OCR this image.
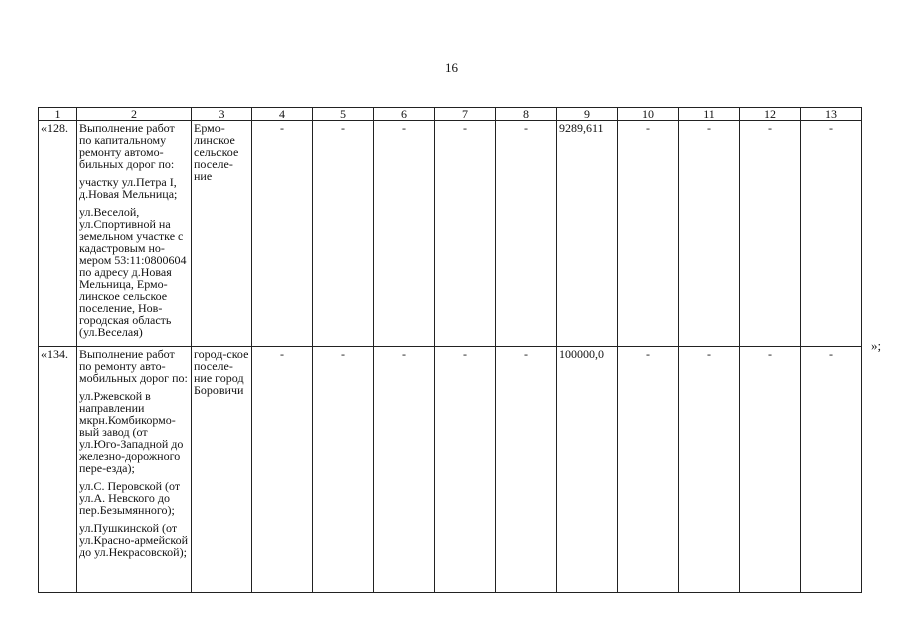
16
1	2	3	4	5	6	7	8	9	10	11	12	13
«128.	Выполнение работ по капитальному ремонту автомо-бильных дорог по:

участку ул.Петра I, д.Новая Мельница;

ул.Веселой, ул.Спортивной на земельном участке с кадастровым но-мером 53:11:0800604 по адресу д.Новая Мельница, Ермо-линское сельское поселение, Нов-городская область (ул.Веселая)	Ермо-линское сельское поселе-ние	-	-	-	-	-	9289,611	-	-	-	-
«134.	Выполнение работ по ремонту авто-мобильных дорог по:

ул.Ржевской в направлении мкрн.Комбикормо-вый завод (от ул.Юго-Западной до железно-дорожного пере-езда);

ул.С. Перовской (от ул.А. Невского до пер.Безымянного);

ул.Пушкинской (от ул.Красно-армейской до ул.Некрасовской);	город-ское поселе-ние город Боровичи	-	-	-	-	-	100000,0	-	-	-	-
»;
